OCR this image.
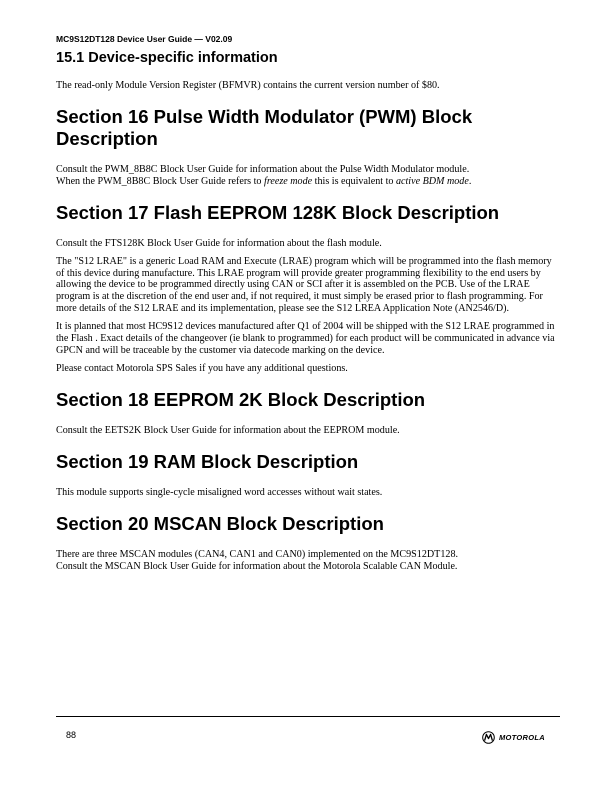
MC9S12DT128 Device User Guide — V02.09
15.1 Device-specific information

The read-only Module Version Register (BFMVR) contains the current version number of $80.

Section 16 Pulse Width Modulator (PWM) Block
Description

Consult the PWM_8B8C Block User Guide for information about the Pulse Width Modulator module.
When the PWM_8B8C Block User Guide refers to freeze mode this is equivalent to active BDM mode.

Section 17 Flash EEPROM 128K Block Description

Consult the FTS128K Block User Guide for information about the flash module.

The "S12 LRAE" is a generic Load RAM and Execute (LRAE) program which will be programmed into the flash memory of this device during manufacture. This LRAE program will provide greater programming flexibility to the end users by allowing the device to be programmed directly using CAN or SCI after it is assembled on the PCB. Use of the LRAE program is at the discretion of the end user and, if not required, it must simply be erased prior to flash programming. For more details of the S12 LRAE and its implementation, please see the S12 LREA Application Note (AN2546/D).

It is planned that most HC9S12 devices manufactured after Q1 of 2004 will be shipped with the S12 LRAE programmed in the Flash . Exact details of the changeover (ie blank to programmed) for each product will be communicated in advance via GPCN and will be traceable by the customer via datecode marking on the device.

Please contact Motorola SPS Sales if you have any additional questions.

Section 18 EEPROM 2K Block Description

Consult the EETS2K Block User Guide for information about the EEPROM module.

Section 19 RAM Block Description

This module supports single-cycle misaligned word accesses without wait states.

Section 20 MSCAN Block Description

There are three MSCAN modules (CAN4, CAN1 and CAN0) implemented on the MC9S12DT128.
Consult the MSCAN Block User Guide for information about the Motorola Scalable CAN Module.

88	MOTOROLA
